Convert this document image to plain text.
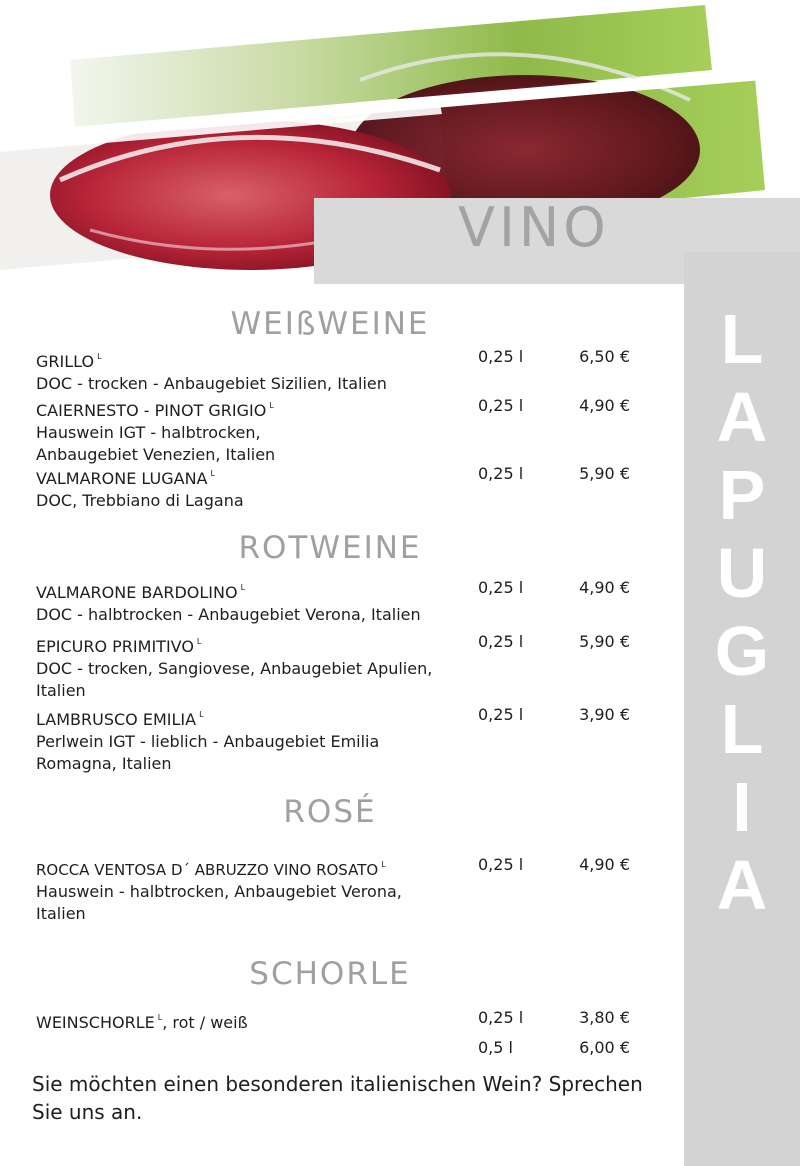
VINO
L
A
P
U
G
L
I
A
WEIßWEINE
GRILLO $^L$
DOC - trocken - Anbaugebiet Sizilien, Italien
0,25 l	6,50 €
CAIERNESTO - PINOT GRIGIO $^L$
Hauswein IGT - halbtrocken, Anbaugebiet Venezien, Italien
0,25 l	4,90 €
VALMARONE LUGANA $^L$
DOC, Trebbiano di Lagana
0,25 l	5,90 €
ROTWEINE
VALMARONE BARDOLINO $^L$
DOC - halbtrocken - Anbaugebiet Verona, Italien
0,25 l	4,90 €
EPICURO PRIMITIVO $^L$
DOC - trocken, Sangiovese, Anbaugebiet Apulien, Italien
0,25 l	5,90 €
LAMBRUSCO EMILIA $^L$
Perlwein IGT - lieblich - Anbaugebiet Emilia Romagna, Italien
0,25 l	3,90 €
ROSÉ
ROCCA VENTOSA D´ ABRUZZO VINO ROSATO $^L$
Hauswein - halbtrocken, Anbaugebiet Verona, Italien
0,25 l	4,90 €
SCHORLE
WEINSCHORLE $^L$, rot / weiß	0,25 l	3,80 €
0,5 l	6,00 €
Sie möchten einen besonderen italienischen Wein? Sprechen Sie uns an.
